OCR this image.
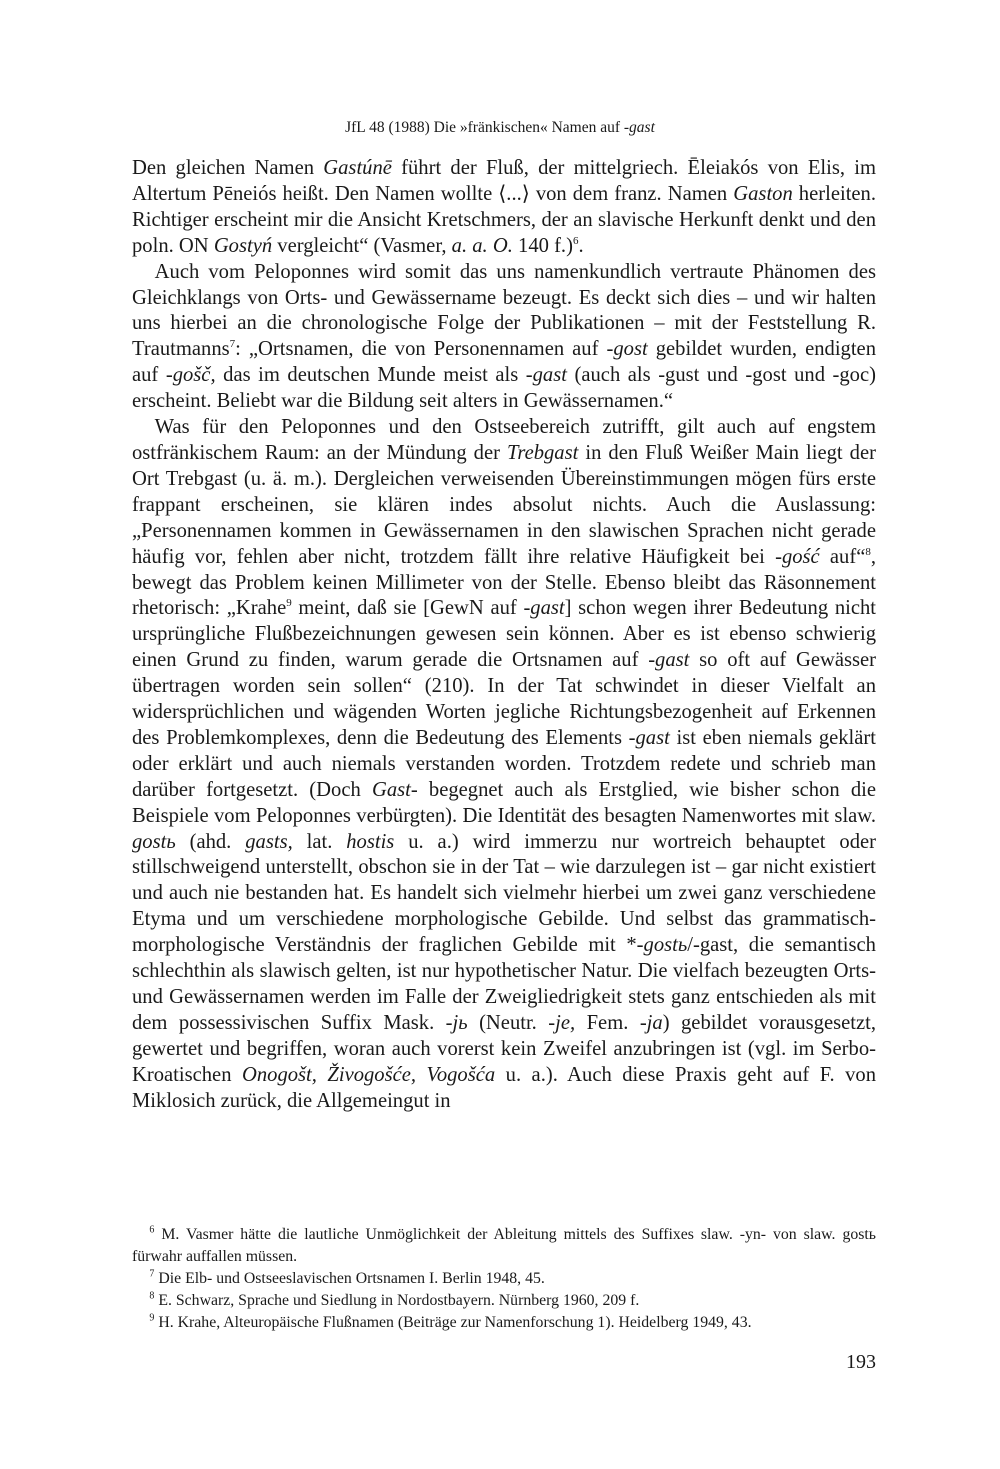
JfL 48 (1988) Die »fränkischen« Namen auf -gast

Den gleichen Namen Gastúnē führt der Fluß, der mittelgriech. Ēleiakós von Elis, im Altertum Pēneiós heißt. Den Namen wollte ⟨...⟩ von dem franz. Namen Gaston herleiten. Richtiger erscheint mir die Ansicht Kretschmers, der an slavische Herkunft denkt und den poln. ON Gostyń vergleicht“ (Vasmer, a. a. O. 140 f.)$^6$.

Auch vom Peloponnes wird somit das uns namenkundlich vertraute Phänomen des Gleichklangs von Orts- und Gewässername bezeugt. Es deckt sich dies – und wir halten uns hierbei an die chronologische Folge der Publikationen – mit der Feststellung R. Trautmanns$^7$: „Ortsnamen, die von Personennamen auf -gost gebildet wurden, endigten auf -gošč, das im deutschen Munde meist als -gast (auch als -gust und -gost und -goc) erscheint. Beliebt war die Bildung seit alters in Gewässernamen.“

Was für den Peloponnes und den Ostseebereich zutrifft, gilt auch auf engstem ostfränkischem Raum: an der Mündung der Trebgast in den Fluß Weißer Main liegt der Ort Trebgast (u. ä. m.). Dergleichen verweisenden Übereinstimmungen mögen fürs erste frappant erscheinen, sie klären indes absolut nichts. Auch die Auslassung: „Personennamen kommen in Gewässernamen in den slawischen Sprachen nicht gerade häufig vor, fehlen aber nicht, trotzdem fällt ihre relative Häufigkeit bei -gość auf“$^8$, bewegt das Problem keinen Millimeter von der Stelle. Ebenso bleibt das Räsonnement rhetorisch: „Krahe$^9$ meint, daß sie [GewN auf -gast] schon wegen ihrer Bedeutung nicht ursprüngliche Flußbezeichnungen gewesen sein können. Aber es ist ebenso schwierig einen Grund zu finden, warum gerade die Ortsnamen auf -gast so oft auf Gewässer übertragen worden sein sollen“ (210). In der Tat schwindet in dieser Vielfalt an widersprüchlichen und wägenden Worten jegliche Richtungsbezogenheit auf Erkennen des Problemkomplexes, denn die Bedeutung des Elements -gast ist eben niemals geklärt oder erklärt und auch niemals verstanden worden. Trotzdem redete und schrieb man darüber fortgesetzt. (Doch Gast- begegnet auch als Erstglied, wie bisher schon die Beispiele vom Peloponnes verbürgten). Die Identität des besagten Namenwortes mit slaw. gostь (ahd. gasts, lat. hostis u. a.) wird immerzu nur wortreich behauptet oder stillschweigend unterstellt, obschon sie in der Tat – wie darzulegen ist – gar nicht existiert und auch nie bestanden hat. Es handelt sich vielmehr hierbei um zwei ganz verschiedene Etyma und um verschiedene morphologische Gebilde. Und selbst das grammatisch-morphologische Verständnis der fraglichen Gebilde mit *-gostь/-gast, die semantisch schlechthin als slawisch gelten, ist nur hypothetischer Natur. Die vielfach bezeugten Orts- und Gewässernamen werden im Falle der Zweigliedrigkeit stets ganz entschieden als mit dem possessivischen Suffix Mask. -jь (Neutr. -je, Fem. -ja) gebildet vorausgesetzt, gewertet und begriffen, woran auch vorerst kein Zweifel anzubringen ist (vgl. im Serbo-Kroatischen Onogošt, Živogošće, Vogošća u. a.). Auch diese Praxis geht auf F. von Miklosich zurück, die Allgemeingut in

$^6$ M. Vasmer hätte die lautliche Unmöglichkeit der Ableitung mittels des Suffixes slaw. -yn- von slaw. gostь fürwahr auffallen müssen.

$^7$ Die Elb- und Ostseeslavischen Ortsnamen I. Berlin 1948, 45.

$^8$ E. Schwarz, Sprache und Siedlung in Nordostbayern. Nürnberg 1960, 209 f.

$^9$ H. Krahe, Alteuropäische Flußnamen (Beiträge zur Namenforschung 1). Heidelberg 1949, 43.

193
